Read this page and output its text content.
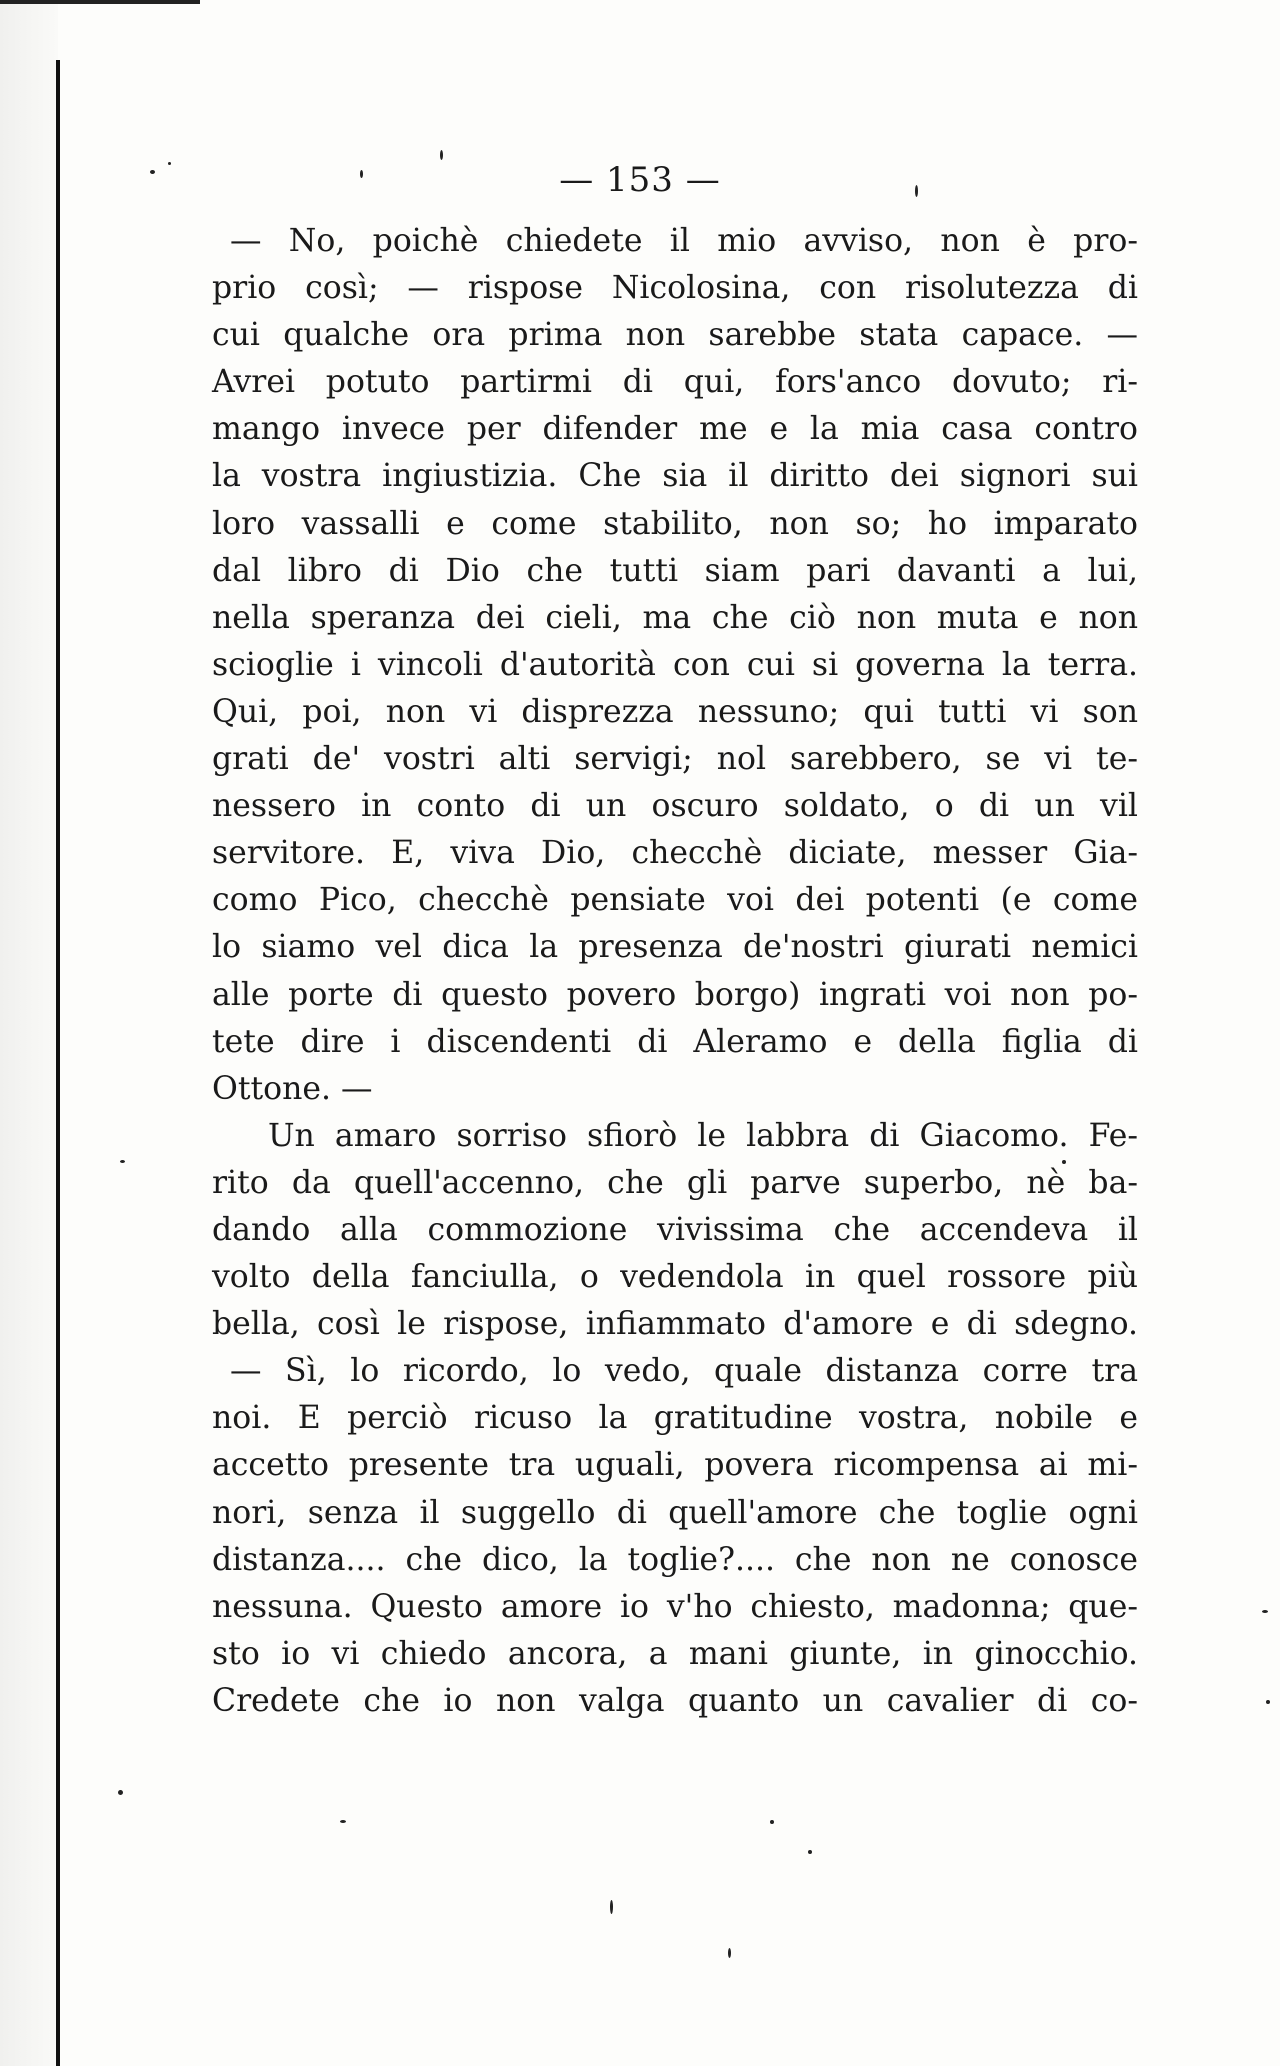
— 153 —
— No, poichè chiedete il mio avviso, non è pro-
prio così; — rispose Nicolosina, con risolutezza di
cui qualche ora prima non sarebbe stata capace. —
Avrei potuto partirmi di qui, fors'anco dovuto; ri-
mango invece per difender me e la mia casa contro
la vostra ingiustizia. Che sia il diritto dei signori sui
loro vassalli e come stabilito, non so; ho imparato
dal libro di Dio che tutti siam pari davanti a lui,
nella speranza dei cieli, ma che ciò non muta e non
scioglie i vincoli d'autorità con cui si governa la terra.
Qui, poi, non vi disprezza nessuno; qui tutti vi son
grati de' vostri alti servigi; nol sarebbero, se vi te-
nessero in conto di un oscuro soldato, o di un vil
servitore. E, viva Dio, checchè diciate, messer Gia-
como Pico, checchè pensiate voi dei potenti (e come
lo siamo vel dica la presenza de'nostri giurati nemici
alle porte di questo povero borgo) ingrati voi non po-
tete dire i discendenti di Aleramo e della figlia di
Ottone. —
Un amaro sorriso sfiorò le labbra di Giacomo. Fe-
rito da quell'accenno, che gli parve superbo, nè ba-
dando alla commozione vivissima che accendeva il
volto della fanciulla, o vedendola in quel rossore più
bella, così le rispose, infiammato d'amore e di sdegno.
— Sì, lo ricordo, lo vedo, quale distanza corre tra
noi. E perciò ricuso la gratitudine vostra, nobile e
accetto presente tra uguali, povera ricompensa ai mi-
nori, senza il suggello di quell'amore che toglie ogni
distanza.... che dico, la toglie?.... che non ne conosce
nessuna. Questo amore io v'ho chiesto, madonna; que-
sto io vi chiedo ancora, a mani giunte, in ginocchio.
Credete che io non valga quanto un cavalier di co-
